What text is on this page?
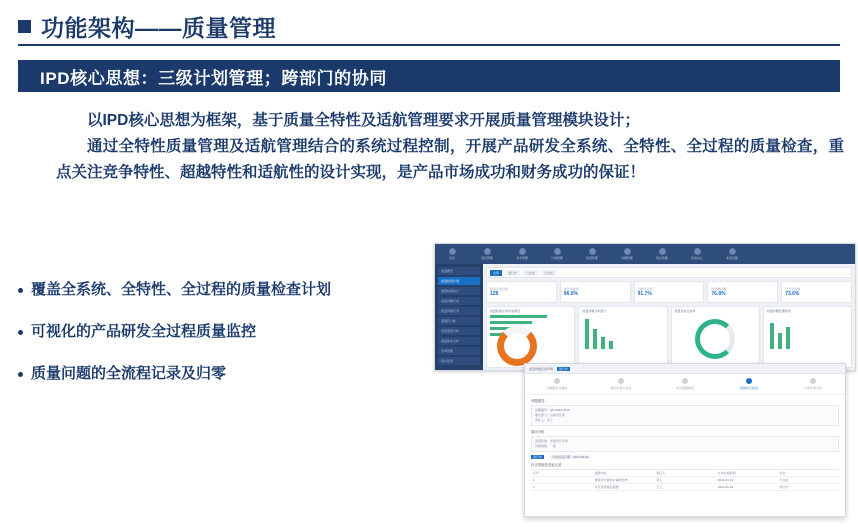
功能架构——质量管理
IPD核心思想：三级计划管理；跨部门的协同

以IPD核心思想为框架，基于质量全特性及适航管理要求开展质量管理模块设计；

通过全特性质量管理及适航管理结合的系统过程控制，开展产品研发全系统、全特性、全过程的质量检查，重点关注竞争特性、超越特性和适航性的设计实现，是产品市场成功和财务成功的保证！

覆盖全系统、全特性、全过程的质量检查计划
可视化的产品研发全过程质量监控
质量问题的全流程记录及归零
首页	项目管理	需求管理	计划管理	质量管理	问题管理	知识管理	报表中心	系统设置
质量概览
质量检查计划
质量检查执行
质量问题记录
质量问题归零
适航符合性
质量度量分析
质量体系文件
评审管理
统计报表
全部	进行中	已完成	已关闭
检查计划总数
128
本月完成率
96.5%
问题关闭率
91.7%
待处理问题
76.8%
归零完成数
73.6%
质量检查计划完成情况	质量问题分布统计	质量目标达成率	质量问题处理趋势
质量问题记录详情	进行中
问题提出与确认	原因分析与定位	纠正措施制定	措施执行验证	归零评审关闭
问题描述
问题编号：QP-2024-0318
提出部门：总体设计部
责任人：张工
原因分析
发现阶段：详细设计评审
问题等级：一般
进行中	计划关闭日期：2024-06-30
纠正措施及验证记录
序号	措施内容	责任人	计划完成时间	状态
1	更新设计准则并重新校核	李工	2024-06-12	已完成
2	补充试验验证数据	王工	2024-06-20	进行中
